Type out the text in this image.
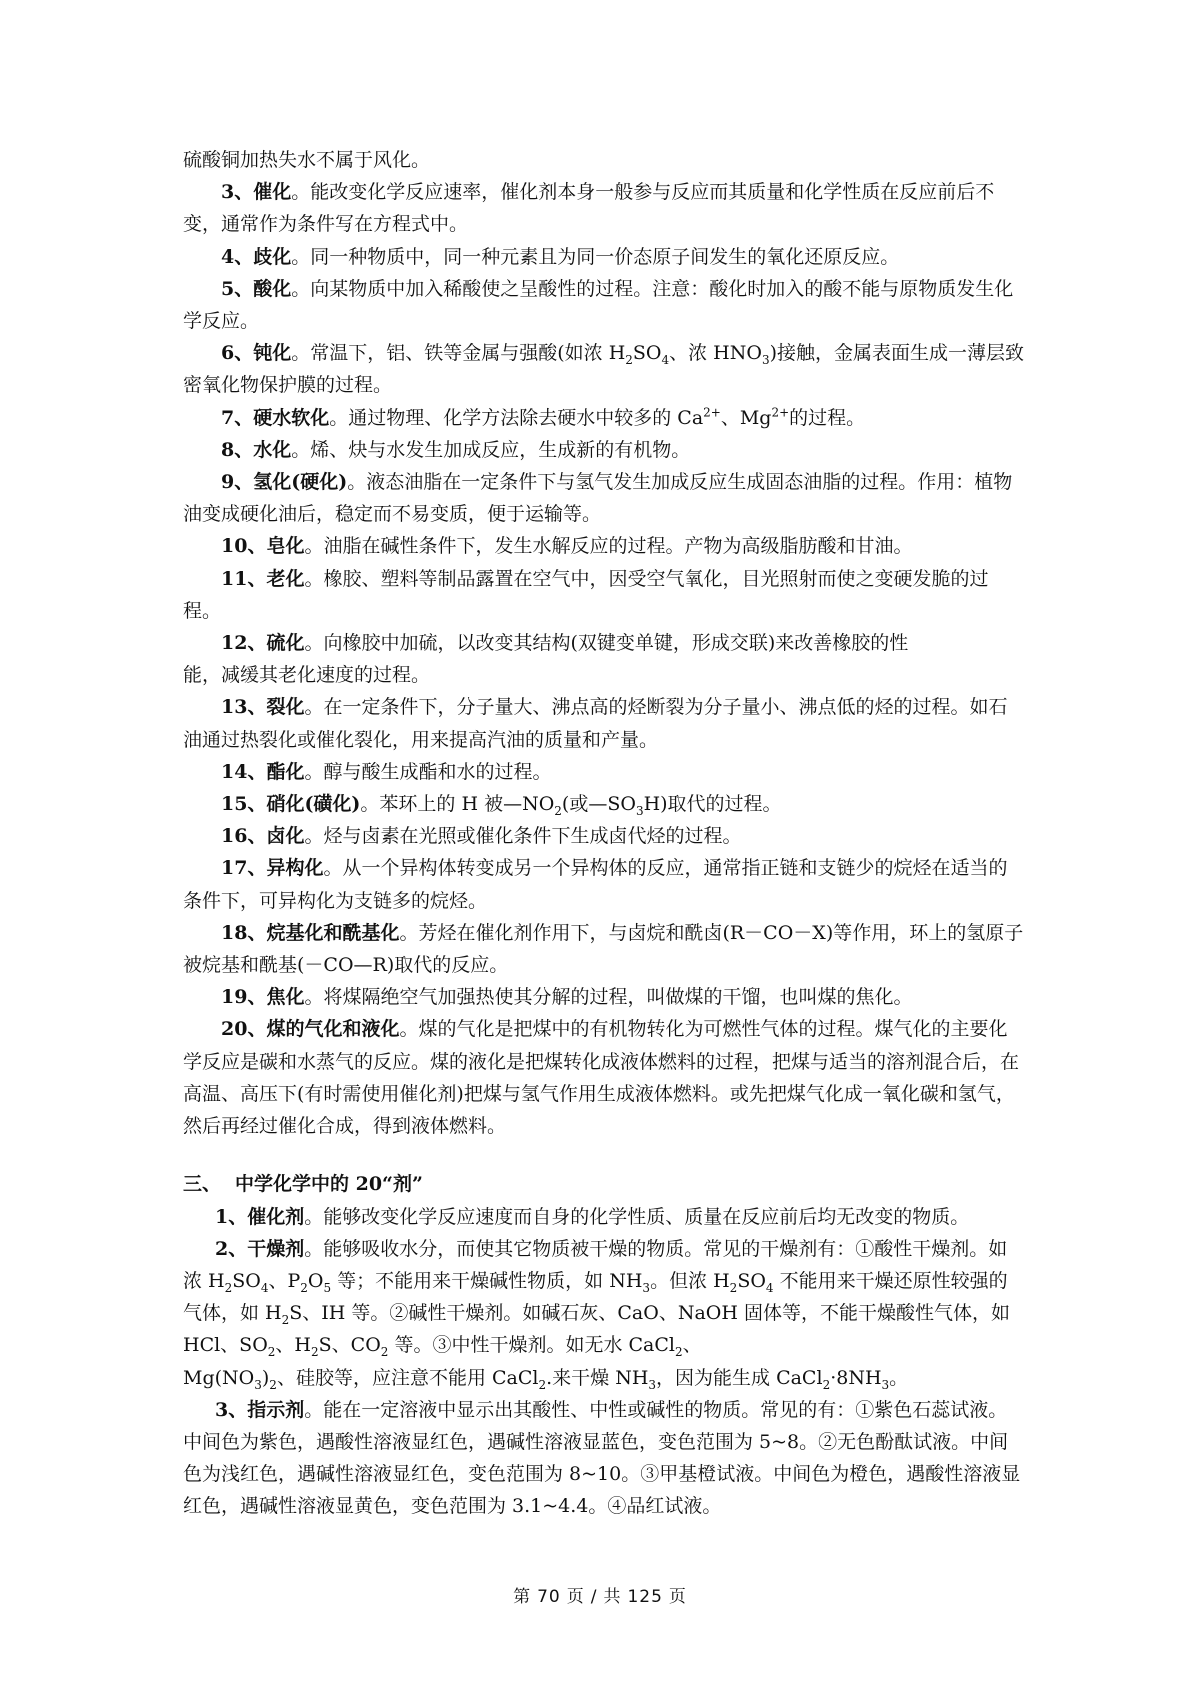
硫酸铜加热失水不属于风化。

3、催化。能改变化学反应速率，催化剂本身一般参与反应而其质量和化学性质在反应前后不变，通常作为条件写在方程式中。

4、歧化。同一种物质中，同一种元素且为同一价态原子间发生的氧化还原反应。

5、酸化。向某物质中加入稀酸使之呈酸性的过程。注意：酸化时加入的酸不能与原物质发生化学反应。

6、钝化。常温下，铝、铁等金属与强酸(如浓 $H_2SO_4$、浓 $HNO_3$)接触，金属表面生成一薄层致密氧化物保护膜的过程。

7、硬水软化。通过物理、化学方法除去硬水中较多的 $Ca^{2+}$、$Mg^{2+}$的过程。

8、水化。烯、炔与水发生加成反应，生成新的有机物。

9、氢化(硬化)。液态油脂在一定条件下与氢气发生加成反应生成固态油脂的过程。作用：植物油变成硬化油后，稳定而不易变质，便于运输等。

10、皂化。油脂在碱性条件下，发生水解反应的过程。产物为高级脂肪酸和甘油。

11、老化。橡胶、塑料等制品露置在空气中，因受空气氧化，目光照射而使之变硬发脆的过程。

12、硫化。向橡胶中加硫，以改变其结构(双键变单键，形成交联)来改善橡胶的性
能，减缓其老化速度的过程。

13、裂化。在一定条件下，分子量大、沸点高的烃断裂为分子量小、沸点低的烃的过程。如石油通过热裂化或催化裂化，用来提高汽油的质量和产量。

14、酯化。醇与酸生成酯和水的过程。

15、硝化(磺化)。苯环上的 H 被$—NO_2$(或$—SO_3H$)取代的过程。

16、卤化。烃与卤素在光照或催化条件下生成卤代烃的过程。

17、异构化。从一个异构体转变成另一个异构体的反应，通常指正链和支链少的烷烃在适当的条件下，可异构化为支链多的烷烃。

18、烷基化和酰基化。芳烃在催化剂作用下，与卤烷和酰卤(R－CO－X)等作用，环上的氢原子被烷基和酰基(－CO—R)取代的反应。

19、焦化。将煤隔绝空气加强热使其分解的过程，叫做煤的干馏，也叫煤的焦化。

20、煤的气化和液化。煤的气化是把煤中的有机物转化为可燃性气体的过程。煤气化的主要化学反应是碳和水蒸气的反应。煤的液化是把煤转化成液体燃料的过程，把煤与适当的溶剂混合后，在高温、高压下(有时需使用催化剂)把煤与氢气作用生成液体燃料。或先把煤气化成一氧化碳和氢气，然后再经过催化合成，得到液体燃料。

三、 中学化学中的 20“剂”

1、催化剂。能够改变化学反应速度而自身的化学性质、质量在反应前后均无改变的物质。

2、干燥剂。能够吸收水分，而使其它物质被干燥的物质。常见的干燥剂有：①酸性干燥剂。如浓 $H_2SO_4$、$P_2O_5$ 等；不能用来干燥碱性物质，如 $NH_3$。但浓 $H_2SO_4$ 不能用来干燥还原性较强的气体，如 $H_2S$、IH 等。②碱性干燥剂。如碱石灰、CaO、NaOH 固体等，不能干燥酸性气体，如 HCl、$SO_2$、$H_2S$、$CO_2$ 等。③中性干燥剂。如无水 CaCl$_2$、
$Mg(NO_3)_2$、硅胶等，应注意不能用 CaCl$_2$.来干燥 $NH_3$，因为能生成 $CaCl_2\cdot 8NH_3$。

3、指示剂。能在一定溶液中显示出其酸性、中性或碱性的物质。常见的有：①紫色石蕊试液。中间色为紫色，遇酸性溶液显红色，遇碱性溶液显蓝色，变色范围为 5~8。②无色酚酞试液。中间色为浅红色，遇碱性溶液显红色，变色范围为 8~10。③甲基橙试液。中间色为橙色，遇酸性溶液显红色，遇碱性溶液显黄色，变色范围为 3.1~4.4。④品红试液。

第 70 页 / 共 125 页
